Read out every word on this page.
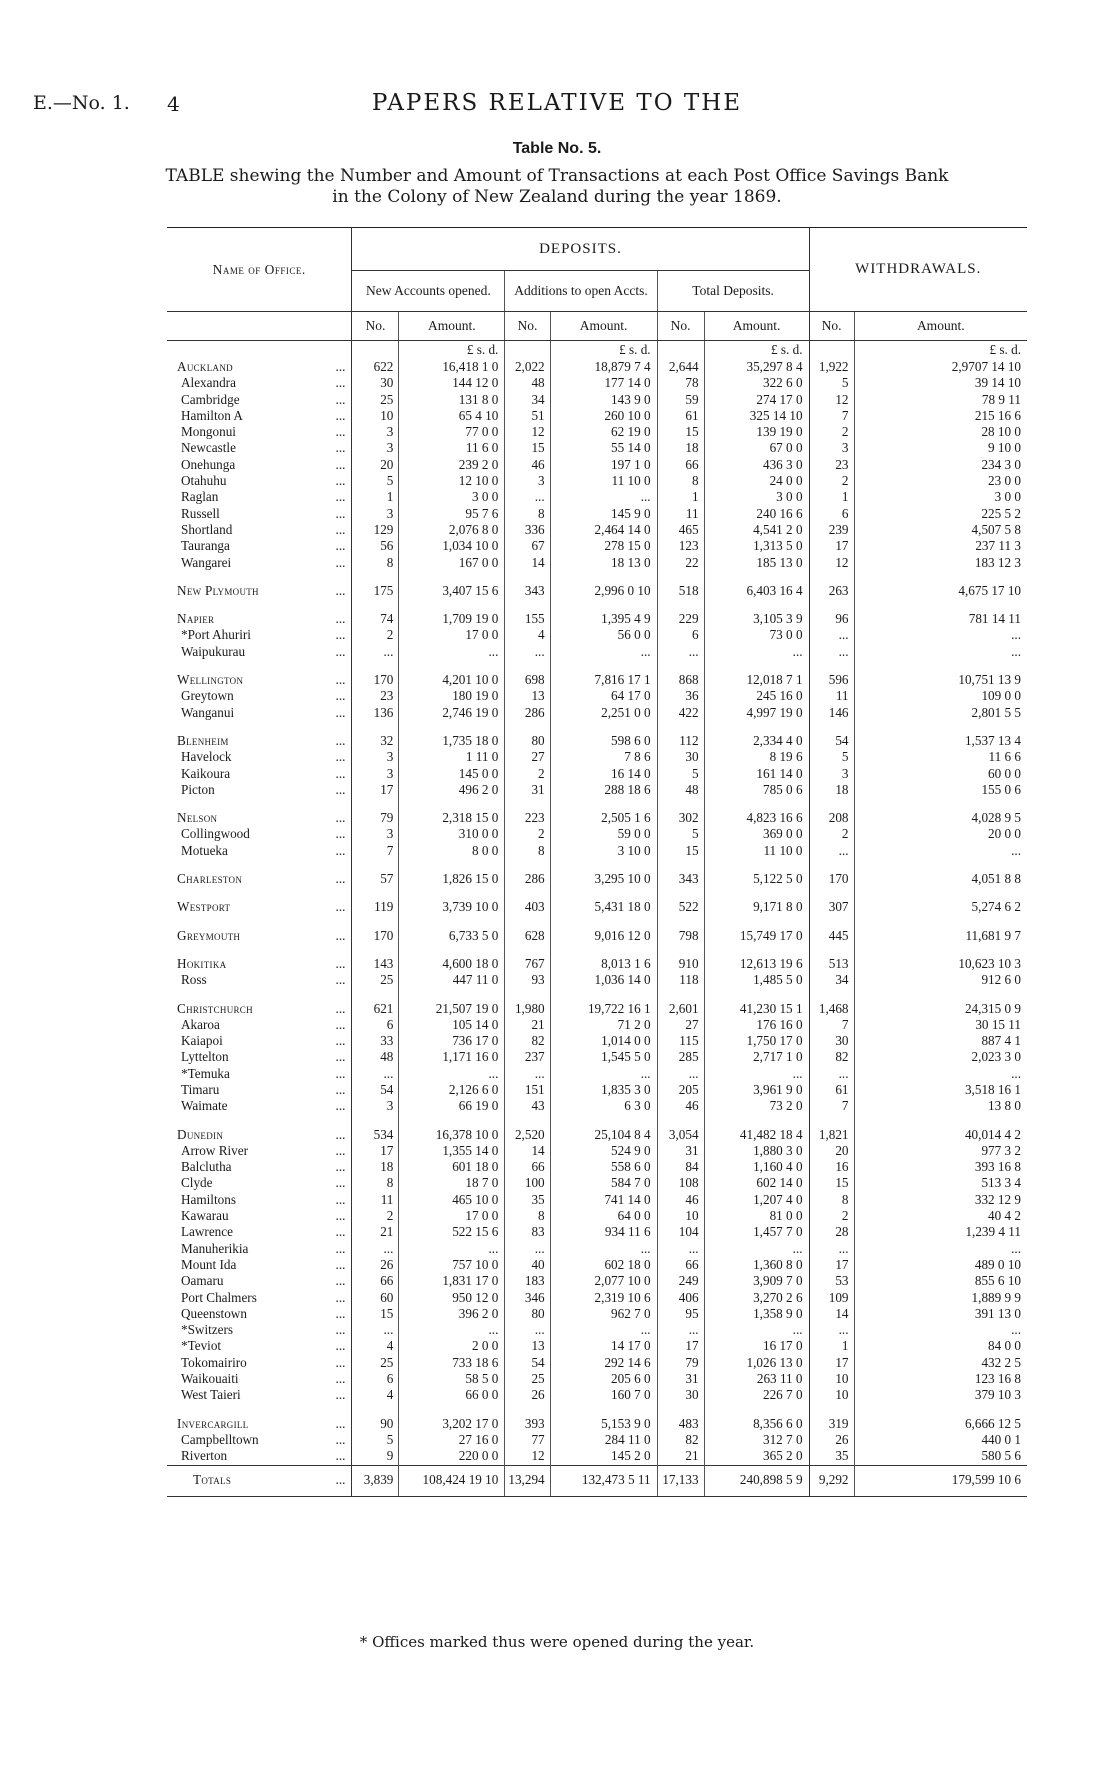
E.—No. 1. 4	PAPERS RELATIVE TO THE
Table No. 5.
TABLE shewing the Number and Amount of Transactions at each Post Office Savings Bank
in the Colony of New Zealand during the year 1869.
Name of Office.		DEPOSITS.						WITHDRAWALS.	
		New Accounts opened.		Additions to open Accts.		Total Deposits.			
		No.	Amount.	No.	Amount.	No.	Amount.	No.	Amount.
			£ s. d.		£ s. d.		£ s. d.		£ s. d.
Auckland	...	622	16,418 1 0	2,022	18,879 7 4	2,644	35,297 8 4	1,922	2,9707 14 10
Alexandra	...	30	144 12 0	48	177 14 0	78	322 6 0	5	39 14 10
Cambridge	...	25	131 8 0	34	143 9 0	59	274 17 0	12	78 9 11
Hamilton A	...	10	65 4 10	51	260 10 0	61	325 14 10	7	215 16 6
Mongonui	...	3	77 0 0	12	62 19 0	15	139 19 0	2	28 10 0
Newcastle	...	3	11 6 0	15	55 14 0	18	67 0 0	3	9 10 0
Onehunga	...	20	239 2 0	46	197 1 0	66	436 3 0	23	234 3 0
Otahuhu	...	5	12 10 0	3	11 10 0	8	24 0 0	2	23 0 0
Raglan	...	1	3 0 0	...	...	1	3 0 0	1	3 0 0
Russell	...	3	95 7 6	8	145 9 0	11	240 16 6	6	225 5 2
Shortland	...	129	2,076 8 0	336	2,464 14 0	465	4,541 2 0	239	4,507 5 8
Tauranga	...	56	1,034 10 0	67	278 15 0	123	1,313 5 0	17	237 11 3
Wangarei	...	8	167 0 0	14	18 13 0	22	185 13 0	12	183 12 3

New Plymouth	...	175	3,407 15 6	343	2,996 0 10	518	6,403 16 4	263	4,675 17 10

Napier	...	74	1,709 19 0	155	1,395 4 9	229	3,105 3 9	96	781 14 11
*Port Ahuriri	...	2	17 0 0	4	56 0 0	6	73 0 0	...	...
Waipukurau	...	...	...	...	...	...	...	...	...

Wellington	...	170	4,201 10 0	698	7,816 17 1	868	12,018 7 1	596	10,751 13 9
Greytown	...	23	180 19 0	13	64 17 0	36	245 16 0	11	109 0 0
Wanganui	...	136	2,746 19 0	286	2,251 0 0	422	4,997 19 0	146	2,801 5 5

Blenheim	...	32	1,735 18 0	80	598 6 0	112	2,334 4 0	54	1,537 13 4
Havelock	...	3	1 11 0	27	7 8 6	30	8 19 6	5	11 6 6
Kaikoura	...	3	145 0 0	2	16 14 0	5	161 14 0	3	60 0 0
Picton	...	17	496 2 0	31	288 18 6	48	785 0 6	18	155 0 6

Nelson	...	79	2,318 15 0	223	2,505 1 6	302	4,823 16 6	208	4,028 9 5
Collingwood	...	3	310 0 0	2	59 0 0	5	369 0 0	2	20 0 0
Motueka	...	7	8 0 0	8	3 10 0	15	11 10 0	...	...

Charleston	...	57	1,826 15 0	286	3,295 10 0	343	5,122 5 0	170	4,051 8 8

Westport	...	119	3,739 10 0	403	5,431 18 0	522	9,171 8 0	307	5,274 6 2

Greymouth	...	170	6,733 5 0	628	9,016 12 0	798	15,749 17 0	445	11,681 9 7

Hokitika	...	143	4,600 18 0	767	8,013 1 6	910	12,613 19 6	513	10,623 10 3
Ross	...	25	447 11 0	93	1,036 14 0	118	1,485 5 0	34	912 6 0

Christchurch	...	621	21,507 19 0	1,980	19,722 16 1	2,601	41,230 15 1	1,468	24,315 0 9
Akaroa	...	6	105 14 0	21	71 2 0	27	176 16 0	7	30 15 11
Kaiapoi	...	33	736 17 0	82	1,014 0 0	115	1,750 17 0	30	887 4 1
Lyttelton	...	48	1,171 16 0	237	1,545 5 0	285	2,717 1 0	82	2,023 3 0
*Temuka	...	...	...	...	...	...	...	...	...
Timaru	...	54	2,126 6 0	151	1,835 3 0	205	3,961 9 0	61	3,518 16 1
Waimate	...	3	66 19 0	43	6 3 0	46	73 2 0	7	13 8 0

Dunedin	...	534	16,378 10 0	2,520	25,104 8 4	3,054	41,482 18 4	1,821	40,014 4 2
Arrow River	...	17	1,355 14 0	14	524 9 0	31	1,880 3 0	20	977 3 2
Balclutha	...	18	601 18 0	66	558 6 0	84	1,160 4 0	16	393 16 8
Clyde	...	8	18 7 0	100	584 7 0	108	602 14 0	15	513 3 4
Hamiltons	...	11	465 10 0	35	741 14 0	46	1,207 4 0	8	332 12 9
Kawarau	...	2	17 0 0	8	64 0 0	10	81 0 0	2	40 4 2
Lawrence	...	21	522 15 6	83	934 11 6	104	1,457 7 0	28	1,239 4 11
Manuherikia	...	...	...	...	...	...	...	...	...
Mount Ida	...	26	757 10 0	40	602 18 0	66	1,360 8 0	17	489 0 10
Oamaru	...	66	1,831 17 0	183	2,077 10 0	249	3,909 7 0	53	855 6 10
Port Chalmers	...	60	950 12 0	346	2,319 10 6	406	3,270 2 6	109	1,889 9 9
Queenstown	...	15	396 2 0	80	962 7 0	95	1,358 9 0	14	391 13 0
*Switzers	...	...	...	...	...	...	...	...	...
*Teviot	...	4	2 0 0	13	14 17 0	17	16 17 0	1	84 0 0
Tokomairiro	...	25	733 18 6	54	292 14 6	79	1,026 13 0	17	432 2 5
Waikouaiti	...	6	58 5 0	25	205 6 0	31	263 11 0	10	123 16 8
West Taieri	...	4	66 0 0	26	160 7 0	30	226 7 0	10	379 10 3

Invercargill	...	90	3,202 17 0	393	5,153 9 0	483	8,356 6 0	319	6,666 12 5
Campbelltown	...	5	27 16 0	77	284 11 0	82	312 7 0	26	440 0 1
Riverton	...	9	220 0 0	12	145 2 0	21	365 2 0	35	580 5 6
Totals	...	3,839	108,424 19 10	13,294	132,473 5 11	17,133	240,898 5 9	9,292	179,599 10 6
* Offices marked thus were opened during the year.
